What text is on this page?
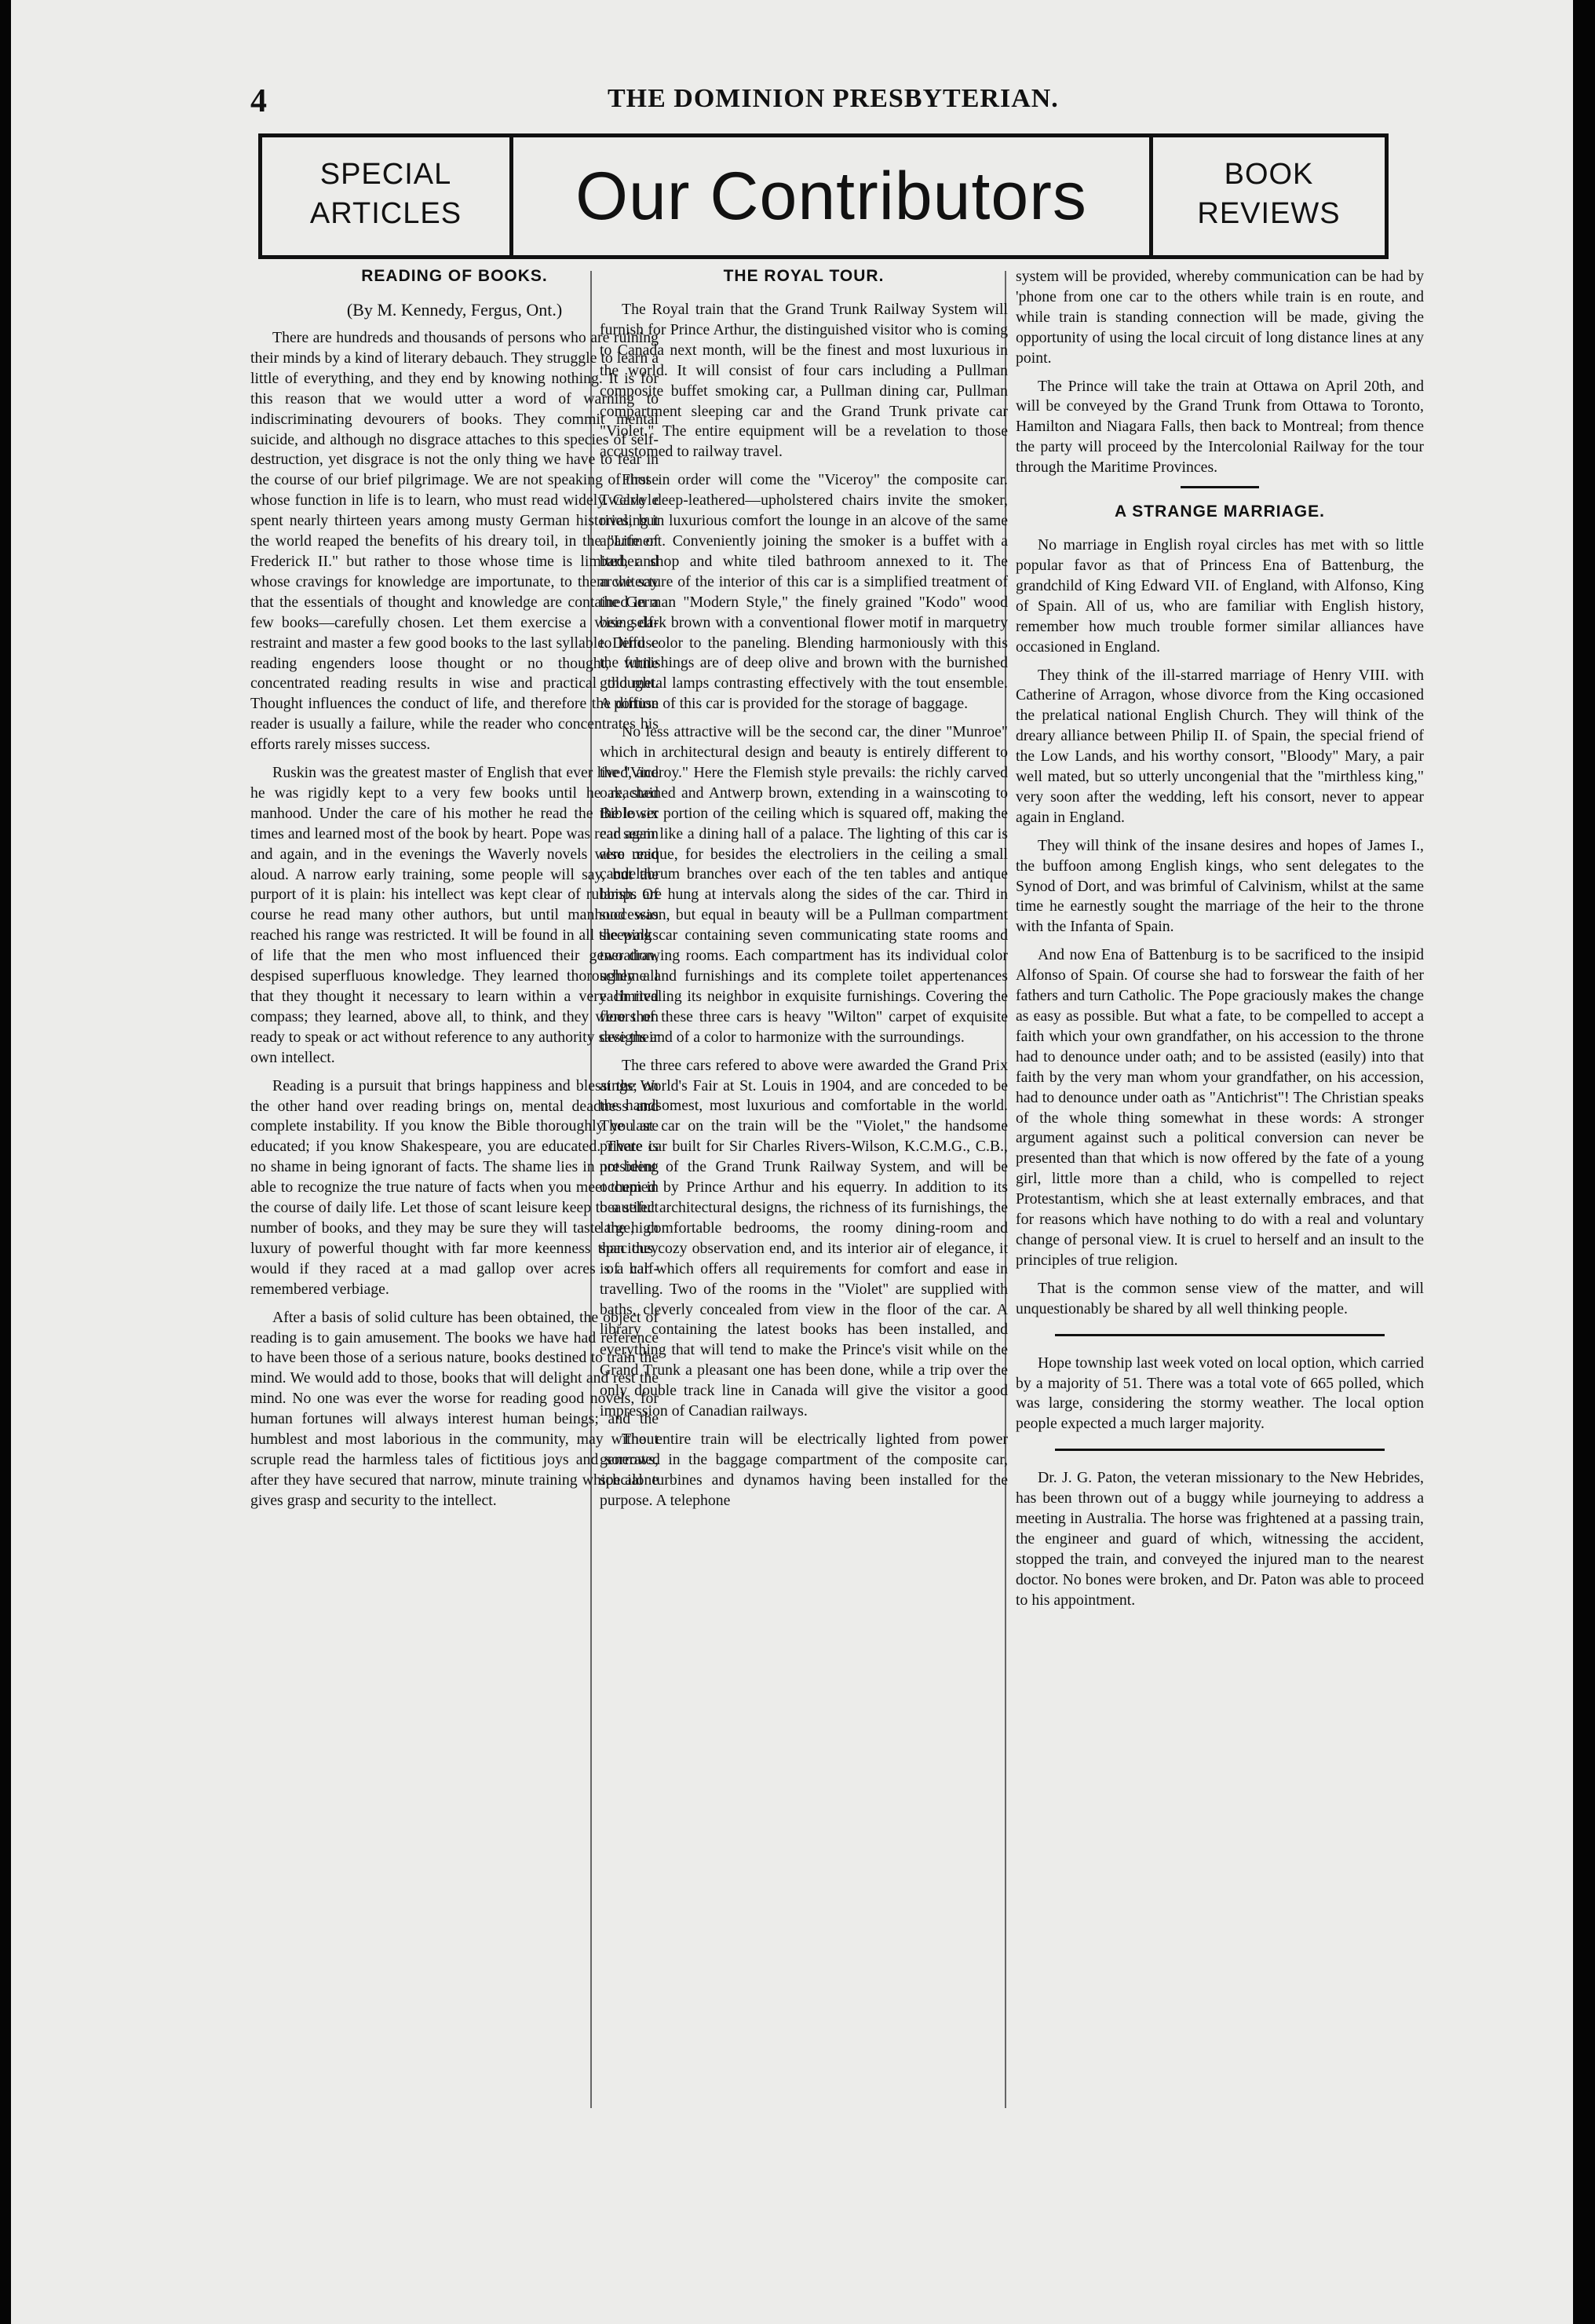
4	THE DOMINION PRESBYTERIAN.
SPECIAL
ARTICLES	Our Contributors	BOOK
REVIEWS
READING OF BOOKS.
(By M. Kennedy, Fergus, Ont.)

There are hundreds and thousands of persons who are ruining their minds by a kind of literary debauch. They struggle to learn a little of everything, and they end by knowing nothing. It is for this reason that we would utter a word of warning to indiscriminating devourers of books. They commit mental suicide, and although no disgrace attaches to this species of self-destruction, yet disgrace is not the only thing we have to fear in the course of our brief pilgrimage. We are not speaking of those whose function in life is to learn, who must read widely. Carlyle spent nearly thirteen years among musty German histories, but the world reaped the benefits of his dreary toil, in the "Life of Frederick II." but rather to those whose time is limited, and whose cravings for knowledge are importunate, to them we say that the essentials of thought and knowledge are contained in a few books—carefully chosen. Let them exercise a wise self-restraint and master a few good books to the last syllable. Diffuse reading engenders loose thought or no thought, while concentrated reading results in wise and practical thought. Thought influences the conduct of life, and therefore the diffuse reader is usually a failure, while the reader who concentrates his efforts rarely misses success.

Ruskin was the greatest master of English that ever lived, and he was rigidly kept to a very few books until he reached manhood. Under the care of his mother he read the Bible six times and learned most of the book by heart. Pope was read again and again, and in the evenings the Waverly novels were read aloud. A narrow early training, some people will say, but the purport of it is plain: his intellect was kept clear of rubbish. Of course he read many other authors, but until manhood was reached his range was restricted. It will be found in all the walks of life that the men who most influenced their generation, despised superfluous knowledge. They learned thoroughly all that they thought it necessary to learn within a very limited compass; they learned, above all, to think, and they were then ready to speak or act without reference to any authority save their own intellect.

Reading is a pursuit that brings happiness and blessings; on the other hand over reading brings on, mental deadness and complete instability. If you know the Bible thoroughly you are educated; if you know Shakespeare, you are educated. There is no shame in being ignorant of facts. The shame lies in not being able to recognize the true nature of facts when you meet them in the course of daily life. Let those of scant leisure keep to a select number of books, and they may be sure they will taste the high luxury of powerful thought with far more keenness than they would if they raced at a mad gallop over acres of half-remembered verbiage.

After a basis of solid culture has been obtained, the object of reading is to gain amusement. The books we have had reference to have been those of a serious nature, books destined to train the mind. We would add to those, books that will delight and rest the mind. No one was ever the worse for reading good novels, for human fortunes will always interest human beings; and the humblest and most laborious in the community, may without scruple read the harmless tales of fictitious joys and sorrows, after they have secured that narrow, minute training which alone gives grasp and security to the intellect.

THE ROYAL TOUR.

The Royal train that the Grand Trunk Railway System will furnish for Prince Arthur, the distinguished visitor who is coming to Canada next month, will be the finest and most luxurious in the world. It will consist of four cars including a Pullman composite buffet smoking car, a Pullman dining car, Pullman compartment sleeping car and the Grand Trunk private car "Violet." The entire equipment will be a revelation to those accustomed to railway travel.

First in order will come the "Viceroy" the composite car. Twelve deep-leathered—upholstered chairs invite the smoker, rivaling in luxurious comfort the lounge in an alcove of the same apartment. Conveniently joining the smoker is a buffet with a barber shop and white tiled bathroom annexed to it. The architecture of the interior of this car is a simplified treatment of the German "Modern Style," the finely grained "Kodo" wood being dark brown with a conventional flower motif in marquetry to lend color to the paneling. Blending harmoniously with this the furnishings are of deep olive and brown with the burnished gold metal lamps contrasting effectively with the tout ensemble. A portion of this car is provided for the storage of baggage.

No less attractive will be the second car, the diner "Munroe" which in architectural design and beauty is entirely different to the "Viceroy." Here the Flemish style prevails: the richly carved oak, stained and Antwerp brown, extending in a wainscoting to the lower portion of the ceiling which is squared off, making the car seem like a dining hall of a palace. The lighting of this car is also unique, for besides the electroliers in the ceiling a small candelabrum branches over each of the ten tables and antique lamps are hung at intervals along the sides of the car. Third in succession, but equal in beauty will be a Pullman compartment sleeping car containing seven communicating state rooms and two drawing rooms. Each compartment has its individual color scheme and furnishings and its complete toilet appertenances each rivaling its neighbor in exquisite furnishings. Covering the floors of these three cars is heavy "Wilton" carpet of exquisite designs and of a color to harmonize with the surroundings.

The three cars refered to above were awarded the Grand Prix at the World's Fair at St. Louis in 1904, and are conceded to be the handsomest, most luxurious and comfortable in the world. The last car on the train will be the "Violet," the handsome private car built for Sir Charles Rivers-Wilson, K.C.M.G., C.B., president of the Grand Trunk Railway System, and will be occupied by Prince Arthur and his equerry. In addition to its beautiful architectural designs, the richness of its furnishings, the large, comfortable bedrooms, the roomy dining-room and spacious cozy observation end, and its interior air of elegance, it is a car which offers all requirements for comfort and ease in travelling. Two of the rooms in the "Violet" are supplied with baths, cleverly concealed from view in the floor of the car. A library containing the latest books has been installed, and everything that will tend to make the Prince's visit while on the Grand Trunk a pleasant one has been done, while a trip over the only double track line in Canada will give the visitor a good impression of Canadian railways.

The entire train will be electrically lighted from power generated in the baggage compartment of the composite car, special turbines and dynamos having been installed for the purpose. A telephone

system will be provided, whereby communication can be had by 'phone from one car to the others while train is en route, and while train is standing connection will be made, giving the opportunity of using the local circuit of long distance lines at any point.

The Prince will take the train at Ottawa on April 20th, and will be conveyed by the Grand Trunk from Ottawa to Toronto, Hamilton and Niagara Falls, then back to Montreal; from thence the party will proceed by the Intercolonial Railway for the tour through the Maritime Provinces.

A STRANGE MARRIAGE.

No marriage in English royal circles has met with so little popular favor as that of Princess Ena of Battenburg, the grandchild of King Edward VII. of England, with Alfonso, King of Spain. All of us, who are familiar with English history, remember how much trouble former similar alliances have occasioned in England.

They think of the ill-starred marriage of Henry VIII. with Catherine of Arragon, whose divorce from the King occasioned the prelatical national English Church. They will think of the dreary alliance between Philip II. of Spain, the special friend of the Low Lands, and his worthy consort, "Bloody" Mary, a pair well mated, but so utterly uncongenial that the "mirthless king," very soon after the wedding, left his consort, never to appear again in England.

They will think of the insane desires and hopes of James I., the buffoon among English kings, who sent delegates to the Synod of Dort, and was brimful of Calvinism, whilst at the same time he earnestly sought the marriage of the heir to the throne with the Infanta of Spain.

And now Ena of Battenburg is to be sacrificed to the insipid Alfonso of Spain. Of course she had to forswear the faith of her fathers and turn Catholic. The Pope graciously makes the change as easy as possible. But what a fate, to be compelled to accept a faith which your own grandfather, on his accession to the throne had to denounce under oath; and to be assisted (easily) into that faith by the very man whom your grandfather, on his accession, had to denounce under oath as "Antichrist"! The Christian speaks of the whole thing somewhat in these words: A stronger argument against such a political conversion can never be presented than that which is now offered by the fate of a young girl, little more than a child, who is compelled to reject Protestantism, which she at least externally embraces, and that for reasons which have nothing to do with a real and voluntary change of personal view. It is cruel to herself and an insult to the principles of true religion.

That is the common sense view of the matter, and will unquestionably be shared by all well thinking people.

Hope township last week voted on local option, which carried by a majority of 51. There was a total vote of 665 polled, which was large, considering the stormy weather. The local option people expected a much larger majority.

Dr. J. G. Paton, the veteran missionary to the New Hebrides, has been thrown out of a buggy while journeying to address a meeting in Australia. The horse was frightened at a passing train, the engineer and guard of which, witnessing the accident, stopped the train, and conveyed the injured man to the nearest doctor. No bones were broken, and Dr. Paton was able to proceed to his appointment.
